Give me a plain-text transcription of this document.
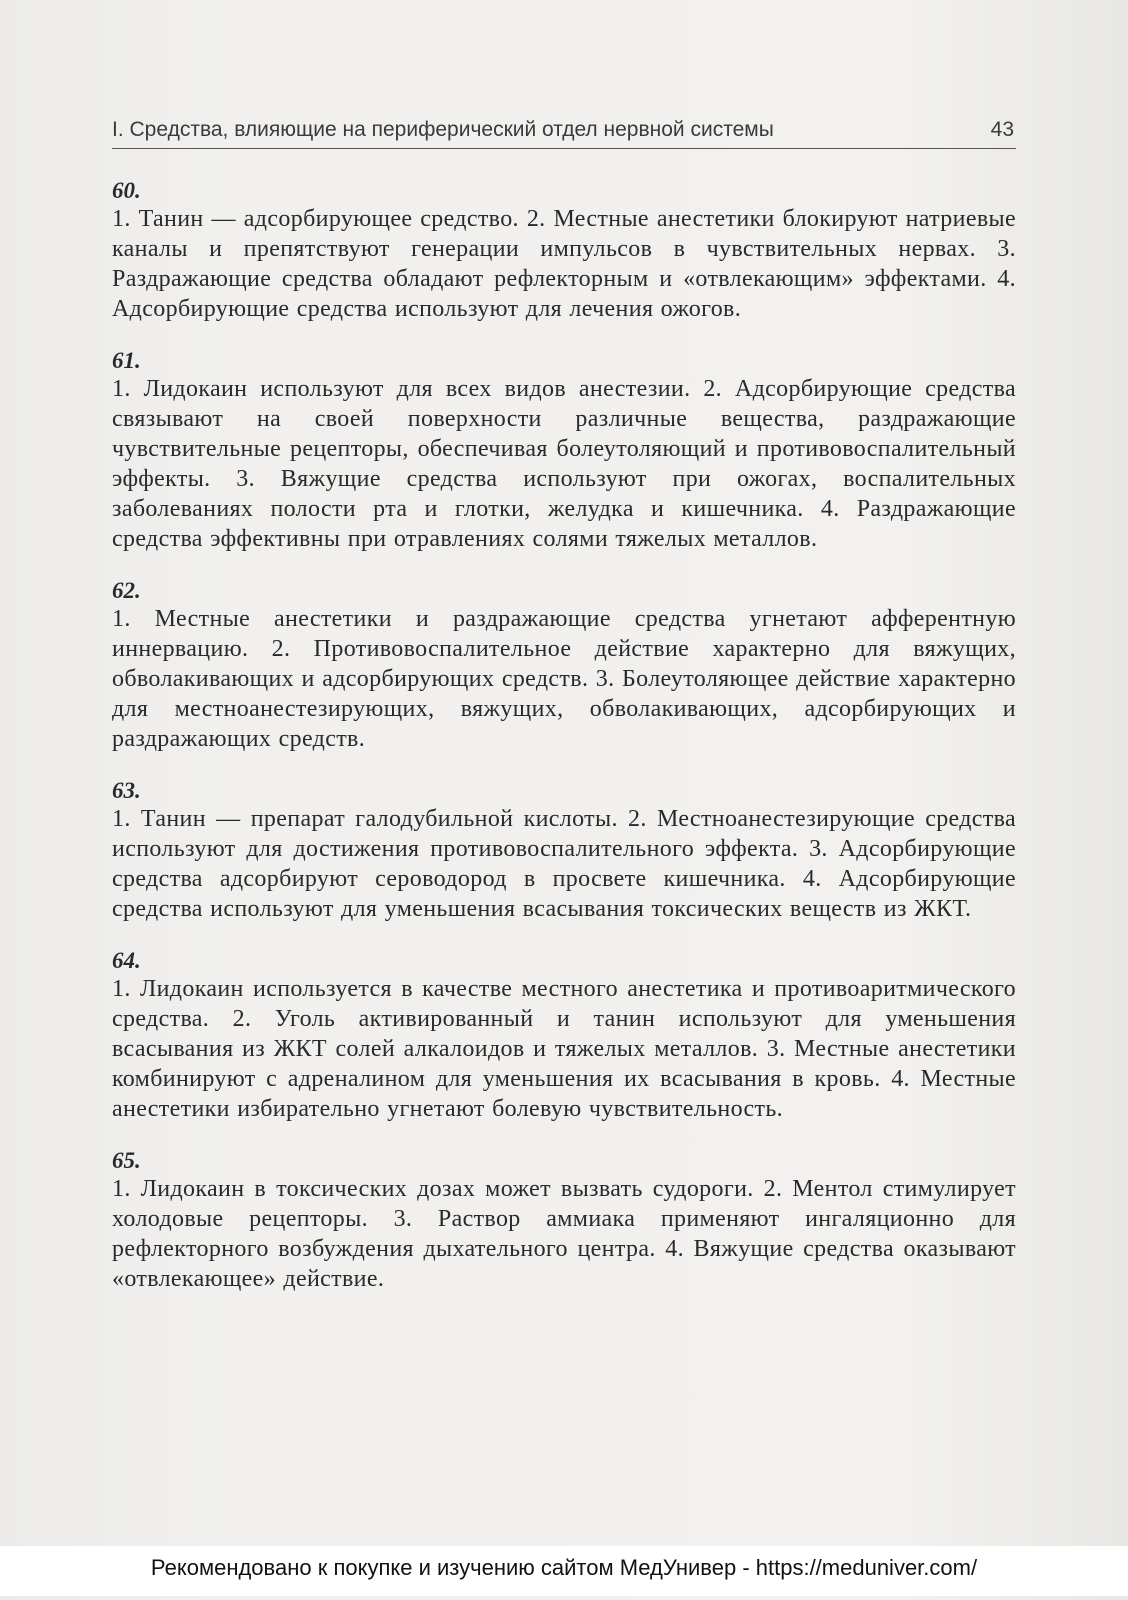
I. Средства, влияющие на периферический отдел нервной системы	43
60.
1. Танин — адсорбирующее средство. 2. Местные анестетики блокируют натриевые каналы и препятствуют генерации импульсов в чувствительных нервах. 3. Раздражающие средства обладают рефлекторным и «отвлекающим» эффектами. 4. Адсорбирующие средства используют для лечения ожогов.
61.
1. Лидокаин используют для всех видов анестезии. 2. Адсорбирующие средства связывают на своей поверхности различные вещества, раздражающие чувствительные рецепторы, обеспечивая болеутоляющий и противовоспалительный эффекты. 3. Вяжущие средства используют при ожогах, воспалительных заболеваниях полости рта и глотки, желудка и кишечника. 4. Раздражающие средства эффективны при отравлениях солями тяжелых металлов.
62.
1. Местные анестетики и раздражающие средства угнетают афферентную иннервацию. 2. Противовоспалительное действие характерно для вяжущих, обволакивающих и адсорбирующих средств. 3. Болеутоляющее действие характерно для местноанестезирующих, вяжущих, обволакивающих, адсорбирующих и раздражающих средств.
63.
1. Танин — препарат галодубильной кислоты. 2. Местноанестезирующие средства используют для достижения противовоспалительного эффекта. 3. Адсорбирующие средства адсорбируют сероводород в просвете кишечника. 4. Адсорбирующие средства используют для уменьшения всасывания токсических веществ из ЖКТ.
64.
1. Лидокаин используется в качестве местного анестетика и противоаритмического средства. 2. Уголь активированный и танин используют для уменьшения всасывания из ЖКТ солей алкалоидов и тяжелых металлов. 3. Местные анестетики комбинируют с адреналином для уменьшения их всасывания в кровь. 4. Местные анестетики избирательно угнетают болевую чувствительность.
65.
1. Лидокаин в токсических дозах может вызвать судороги. 2. Ментол стимулирует холодовые рецепторы. 3. Раствор аммиака применяют ингаляционно для рефлекторного возбуждения дыхательного центра. 4. Вяжущие средства оказывают «отвлекающее» действие.
Рекомендовано к покупке и изучению сайтом МедУнивер - https://meduniver.com/
